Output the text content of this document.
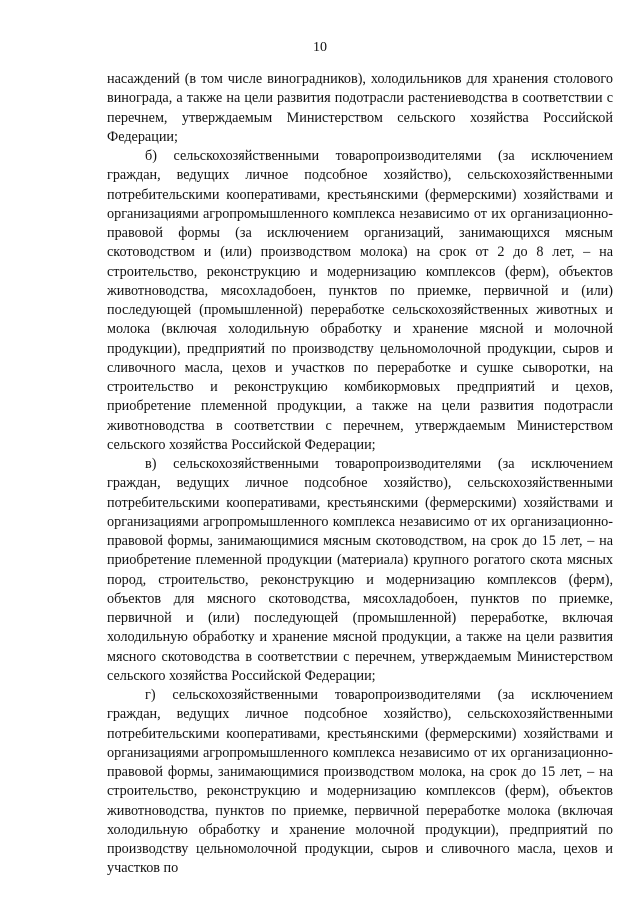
10

насаждений (в том числе виноградников), холодильников для хранения столового винограда, а также на цели развития подотрасли растениеводства в соответствии с перечнем, утверждаемым Министерством сельского хозяйства Российской Федерации;

б) сельскохозяйственными товаропроизводителями (за исключением граждан, ведущих личное подсобное хозяйство), сельскохозяйственными потребительскими кооперативами, крестьянскими (фермерскими) хозяйствами и организациями агропромышленного комплекса независимо от их организационно-правовой формы (за исключением организаций, занимающихся мясным скотоводством и (или) производством молока) на срок от 2 до 8 лет, – на строительство, реконструкцию и модернизацию комплексов (ферм), объектов животноводства, мясохладобоен, пунктов по приемке, первичной и (или) последующей (промышленной) переработке сельскохозяйственных животных и молока (включая холодильную обработку и хранение мясной и молочной продукции), предприятий по производству цельномолочной продукции, сыров и сливочного масла, цехов и участков по переработке и сушке сыворотки, на строительство и реконструкцию комбикормовых предприятий и цехов, приобретение племенной продукции, а также на цели развития подотрасли животноводства в соответствии с перечнем, утверждаемым Министерством сельского хозяйства Российской Федерации;

в) сельскохозяйственными товаропроизводителями (за исключением граждан, ведущих личное подсобное хозяйство), сельскохозяйственными потребительскими кооперативами, крестьянскими (фермерскими) хозяйствами и организациями агропромышленного комплекса независимо от их организационно-правовой формы, занимающимися мясным скотоводством, на срок до 15 лет, – на приобретение племенной продукции (материала) крупного рогатого скота мясных пород, строительство, реконструкцию и модернизацию комплексов (ферм), объектов для мясного скотоводства, мясохладобоен, пунктов по приемке, первичной и (или) последующей (промышленной) переработке, включая холодильную обработку и хранение мясной продукции, а также на цели развития мясного скотоводства в соответствии с перечнем, утверждаемым Министерством сельского хозяйства Российской Федерации;

г) сельскохозяйственными товаропроизводителями (за исключением граждан, ведущих личное подсобное хозяйство), сельскохозяйственными потребительскими кооперативами, крестьянскими (фермерскими) хозяйствами и организациями агропромышленного комплекса независимо от их организационно-правовой формы, занимающимися производством молока, на срок до 15 лет, – на строительство, реконструкцию и модернизацию комплексов (ферм), объектов животноводства, пунктов по приемке, первичной переработке молока (включая холодильную обработку и хранение молочной продукции), предприятий по производству цельномолочной продукции, сыров и сливочного масла, цехов и участков по
